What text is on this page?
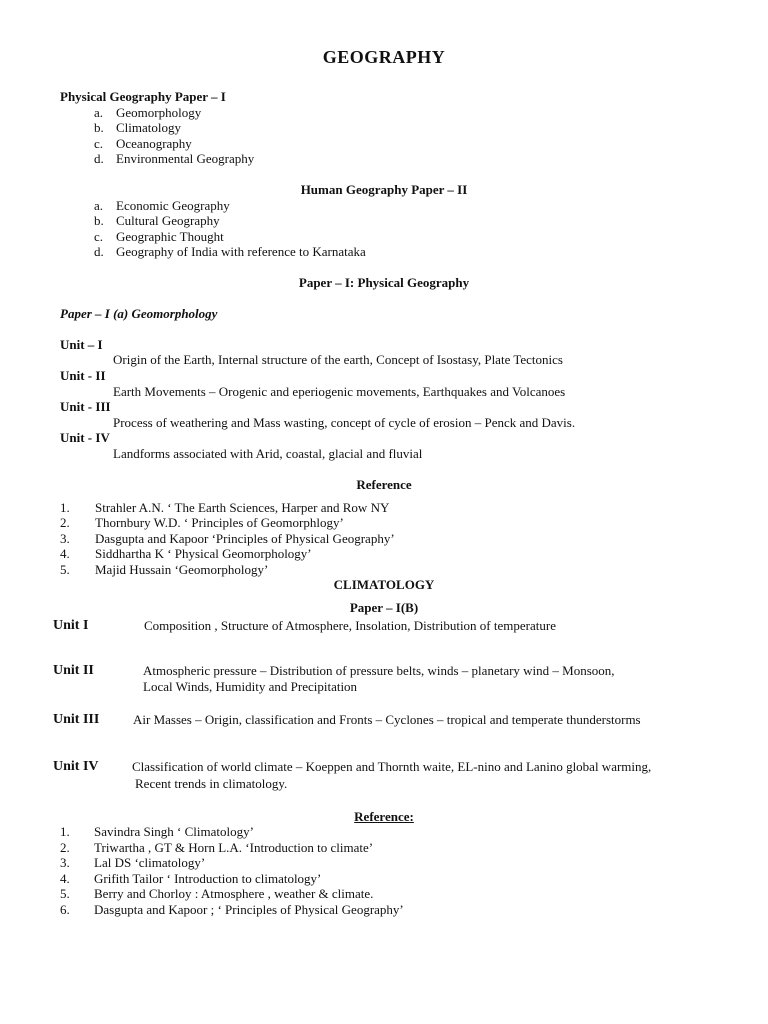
GEOGRAPHY
Physical Geography Paper – I
a. Geomorphology
b. Climatology
c. Oceanography
d. Environmental Geography
Human Geography Paper – II
a. Economic Geography
b. Cultural Geography
c. Geographic Thought
d. Geography of India with reference to Karnataka
Paper – I: Physical Geography
Paper – I (a) Geomorphology
Unit – I
Origin of the Earth, Internal structure of the earth, Concept of Isostasy, Plate Tectonics
Unit - II
Earth Movements – Orogenic and eperiogenic movements, Earthquakes and Volcanoes
Unit - III
Process of weathering and Mass wasting, concept of cycle of erosion – Penck and Davis.
Unit - IV
Landforms associated with Arid, coastal, glacial and fluvial
Reference
1. Strahler A.N. ‘ The Earth Sciences, Harper and Row NY
2. Thornbury W.D. ‘ Principles of Geomorphlogy’
3. Dasgupta and Kapoor ‘Principles of Physical Geography’
4. Siddhartha K ‘ Physical Geomorphology’
5. Majid Hussain ‘Geomorphology’
CLIMATOLOGY
Paper – I(B)
Unit I	Composition , Structure of Atmosphere, Insolation, Distribution of temperature
Unit II	Atmospheric pressure – Distribution of pressure belts, winds – planetary wind – Monsoon,
Local Winds, Humidity and Precipitation
Unit III	Air Masses – Origin, classification and Fronts – Cyclones – tropical and temperate thunderstorms
Unit IV	Classification of world climate – Koeppen and Thornth waite, EL-nino and Lanino global warming,
Recent trends in climatology.
Reference:
1. Savindra Singh ‘ Climatology’
2. Triwartha , GT & Horn L.A. ‘Introduction to climate’
3. Lal DS ‘climatology’
4. Grifith Tailor ‘ Introduction to climatology’
5. Berry and Chorloy : Atmosphere , weather & climate.
6. Dasgupta and Kapoor ; ‘ Principles of Physical Geography’
